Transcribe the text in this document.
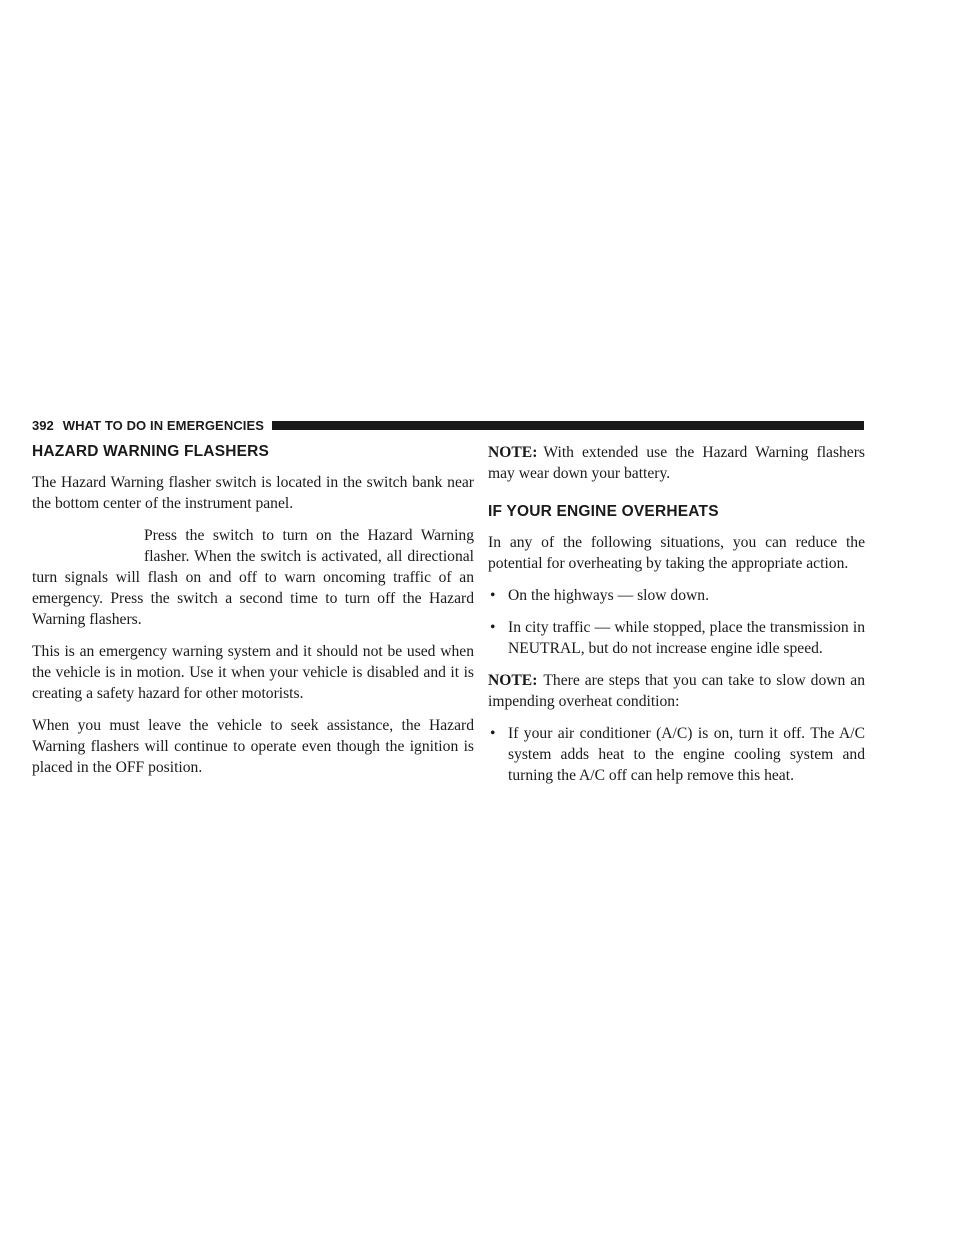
392 WHAT TO DO IN EMERGENCIES
HAZARD WARNING FLASHERS

The Hazard Warning flasher switch is located in the switch bank near the bottom center of the instrument panel.

Press the switch to turn on the Hazard Warning flasher. When the switch is activated, all directional turn signals will flash on and off to warn oncoming traffic of an emergency. Press the switch a second time to turn off the Hazard Warning flashers.

This is an emergency warning system and it should not be used when the vehicle is in motion. Use it when your vehicle is disabled and it is creating a safety hazard for other motorists.

When you must leave the vehicle to seek assistance, the Hazard Warning flashers will continue to operate even though the ignition is placed in the OFF position.

NOTE: With extended use the Hazard Warning flashers may wear down your battery.

IF YOUR ENGINE OVERHEATS

In any of the following situations, you can reduce the potential for overheating by taking the appropriate action.

• On the highways — slow down.
• In city traffic — while stopped, place the transmission in NEUTRAL, but do not increase engine idle speed.

NOTE: There are steps that you can take to slow down an impending overheat condition:

• If your air conditioner (A/C) is on, turn it off. The A/C system adds heat to the engine cooling system and turning the A/C off can help remove this heat.
